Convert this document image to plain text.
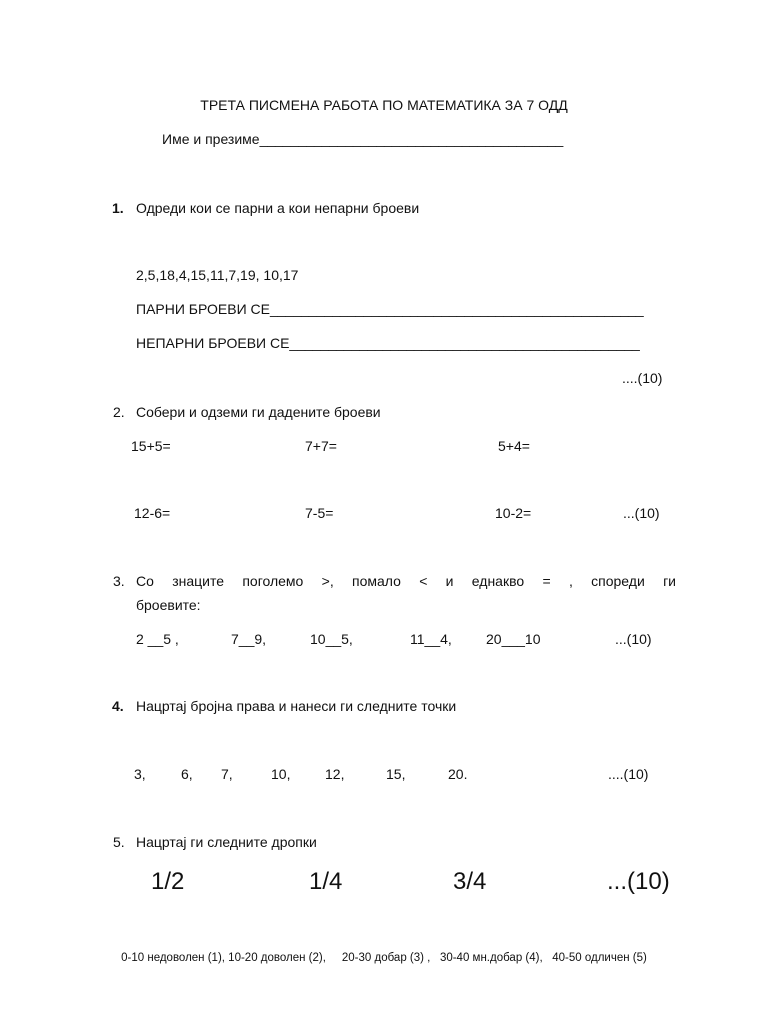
ТРЕТА ПИСМЕНА РАБОТА ПО МАТЕМАТИКА ЗА 7 ОДД
Име и презиме_______________________________________
1. Одреди кои се парни а кои непарни броеви
2,5,18,4,15,11,7,19, 10,17
ПАРНИ БРОЕВИ СЕ________________________________________________
НЕПАРНИ БРОЕВИ СЕ_____________________________________________
....(10)
2. Собери и одземи ги дадените броеви
15+5=	7+7=	5+4=
12-6=	7-5=	10-2=	...(10)
3. Со знаците поголемо >, помало < и еднакво = , спореди ги
броевите:
2 __5 ,	7__9,	10__5,	11__4, 20___10	...(10)
4. Нацртај бројна права и нанеси ги следните точки
3,	6, 7,	10, 12,	15,	20.	....(10)
5. Нацртај ги следните дропки
1/2	1/4	3/4	...(10)
0-10 недоволен (1), 10-20 доволен (2),     20-30 добар (3) ,   30-40 мн.добар (4),   40-50 одличен (5)
